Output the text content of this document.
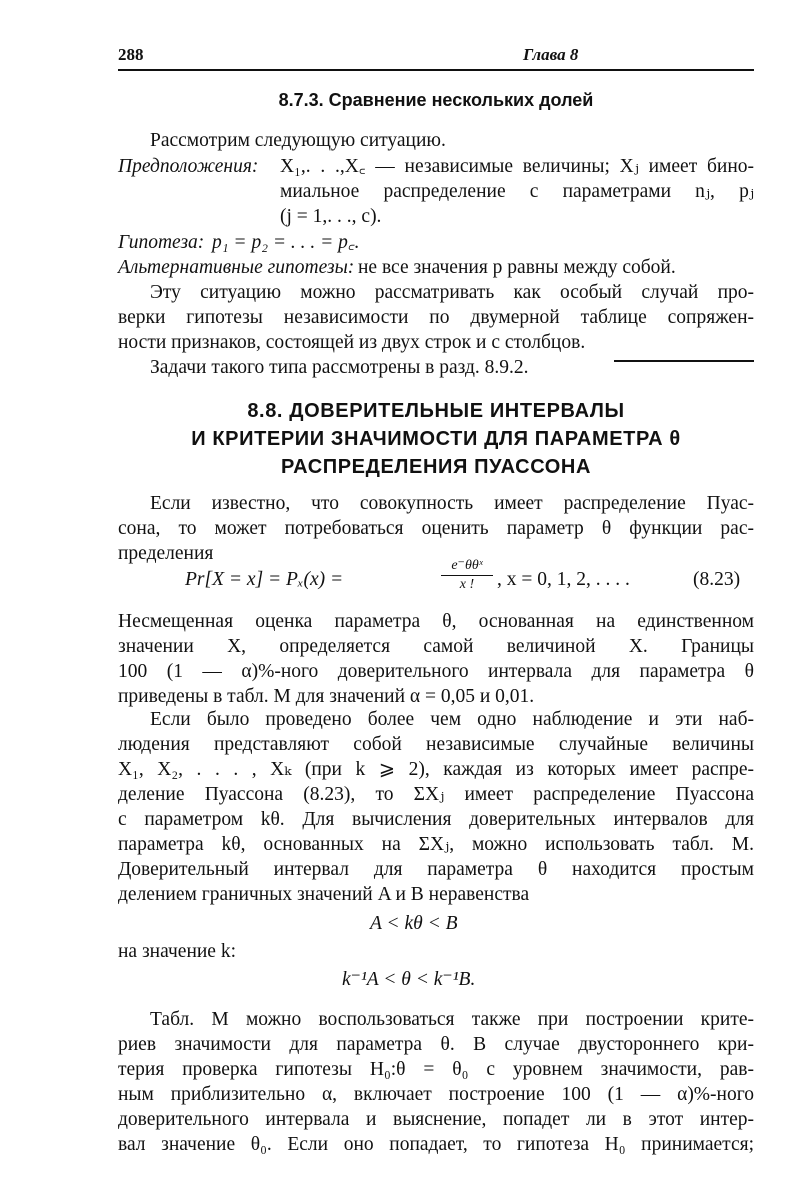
288	Глава 8
8.7.3. Сравнение нескольких долей
Рассмотрим следующую ситуацию.
Предположения: X₁,. . .,X꜀ — независимые величины; Xⱼ имеет бино-
миальное распределение с параметрами nⱼ, pⱼ
(j = 1,. . ., c).
Гипотеза: p₁ = p₂ = . . . = p꜀.
Альтернативные гипотезы: не все значения p равны между собой.
Эту ситуацию можно рассматривать как особый случай про-
верки гипотезы независимости по двумерной таблице сопряжен-
ности признаков, состоящей из двух строк и c столбцов.
Задачи такого типа рассмотрены в разд. 8.9.2.
8.8. ДОВЕРИТЕЛЬНЫЕ ИНТЕРВАЛЫ
И КРИТЕРИИ ЗНАЧИМОСТИ ДЛЯ ПАРАМЕТРА θ
РАСПРЕДЕЛЕНИЯ ПУАССОНА
Если известно, что совокупность имеет распределение Пуас-
сона, то может потребоваться оценить параметр θ функции рас-
пределения
Pr[X = x] = Pₓ(x) =
e⁻θθˣ
x !	, x = 0, 1, 2, . . . .	(8.23)
Несмещенная оценка параметра θ, основанная на единственном
значении X, определяется самой величиной X. Границы
100 (1 — α)%-ного доверительного интервала для параметра θ
приведены в табл. М для значений α = 0,05 и 0,01.
Если было проведено более чем одно наблюдение и эти наб-
людения представляют собой независимые случайные величины
X₁, X₂, . . . , Xₖ (при k ⩾ 2), каждая из которых имеет распре-
деление Пуассона (8.23), то ΣXⱼ имеет распределение Пуассона
с параметром kθ. Для вычисления доверительных интервалов для
параметра kθ, основанных на ΣXⱼ, можно использовать табл. М.
Доверительный интервал для параметра θ находится простым
делением граничных значений A и B неравенства
A < kθ < B
на значение k:
k⁻¹A < θ < k⁻¹B.
Табл. М можно воспользоваться также при построении крите-
риев значимости для параметра θ. В случае двустороннего кри-
терия проверка гипотезы H₀:θ = θ₀ с уровнем значимости, рав-
ным приблизительно α, включает построение 100 (1 — α)%-ного
доверительного интервала и выяснение, попадет ли в этот интер-
вал значение θ₀. Если оно попадает, то гипотеза H₀ принимается;
